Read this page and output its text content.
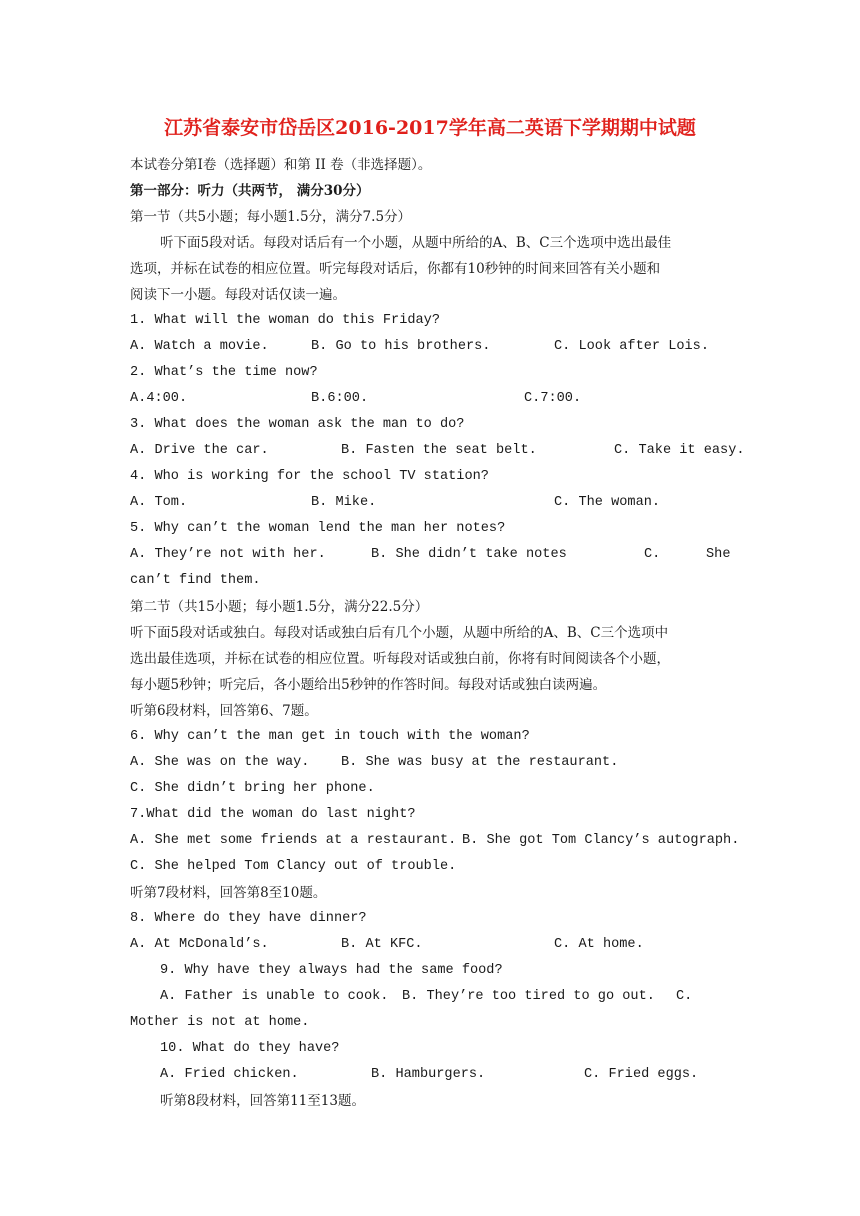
江苏省泰安市岱岳区2016-2017学年高二英语下学期期中试题
本试卷分第Ⅰ卷（选择题）和第 II 卷（非选择题）。
第一部分：听力（共两节， 满分30分）
第一节（共5小题；每小题1.5分，满分7.5分）
听下面5段对话。每段对话后有一个小题，从题中所给的A、B、C三个选项中选出最佳
选项，并标在试卷的相应位置。听完每段对话后，你都有10秒钟的时间来回答有关小题和
阅读下一小题。每段对话仅读一遍。
1. What will the woman do this Friday?

A. Watch a movie.

	B. Go to his brothers.

	C. Look after Lois.

2. What’s the time now?

A.4:00.

	B.6:00.

	C.7:00.

3. What does the woman ask the man to do?

A. Drive the car.

	B. Fasten the seat belt.

	C. Take it easy.

4. Who is working for the school TV station?

A. Tom.

	B. Mike.

	C. The woman.

5. Why can’t the woman lend the man her notes?

A. They’re not with her.

	B. She didn’t take notes

	C.

	She

can’t find them.
第二节（共15小题；每小题1.5分，满分22.5分）
听下面5段对话或独白。每段对话或独白后有几个小题，从题中所给的A、B、C三个选项中
选出最佳选项，并标在试卷的相应位置。听每段对话或独白前，你将有时间阅读各个小题，
每小题5秒钟；听完后，各小题给出5秒钟的作答时间。每段对话或独白读两遍。
听第6段材料，回答第6、7题。
6. Why can’t the man get in touch with the woman?

A. She was on the way.

B. She was busy at the restaurant.

C. She didn’t bring her phone.
7.What did the woman do last night?

A. She met some friends at a restaurant.

B. She got Tom Clancy’s autograph.

C. She helped Tom Clancy out of trouble.
听第7段材料，回答第8至10题。
8. Where do they have dinner?

A. At McDonald’s.

	B. At KFC.

	C. At home.

9. Why have they always had the same food?

A. Father is unable to cook.

B. They’re too tired to go out.

C.

Mother is not at home.
10. What do they have?

A. Fried chicken.

	B. Hamburgers.

	C. Fried eggs.

听第8段材料，回答第11至13题。
